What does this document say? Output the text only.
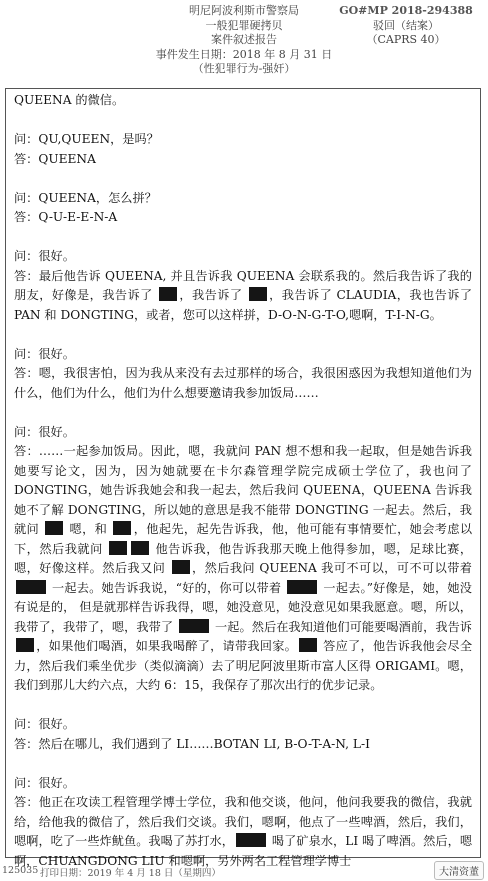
明尼阿波利斯市警察局
一般犯罪硬拷贝
案件叙述报告
事件发生日期：2018 年 8 月 31 日
（性犯罪行为-强奸）
GO#MP 2018-294388
驳回（结案）
（CAPRS 40）

QUEENA 的微信。

问：QU,QUEEN，是吗？

答：QUEENA

问：QUEENA，怎么拼？

答：Q-U-E-E-N-A

问：很好。

答：最后他告诉 QUEENA, 并且告诉我 QUEENA 会联系我的。然后我告诉了我的朋友，好像是，我告诉了 ，我告诉了 ，我告诉了 CLAUDIA，我也告诉了 PAN 和 DONGTING，或者，您可以这样拼，D-O-N-G-T-O,嗯啊，T-I-N-G。

问：很好。

答：嗯，我很害怕，因为我从来没有去过那样的场合，我很困惑因为我想知道他们为什么，他们为什么，他们为什么想要邀请我参加饭局……

问：很好。

答：……一起参加饭局。因此，嗯，我就问 PAN 想不想和我一起取，但是她告诉我她要写论文，因为，因为她就要在卡尔森管理学院完成硕士学位了，我也问了 DONGTING，她告诉我她会和我一起去，然后我问 QUEENA，QUEENA 告诉我她不了解 DONGTING，所以她的意思是我不能带 DONGTING 一起去。然后，我就问  嗯，和 ，他起先，起先告诉我，他，他可能有事情要忙，她会考虑以下，然后我就问	他告诉我，他告诉我那天晚上他得参加，嗯，足球比赛，嗯，好像这样。然后我又问 ，然后我问 QUEENA 我可不可以，可不可以带着  一起去。她告诉我说，“好的，你可以带着	一起去。”好像是，她，她没有说是的， 但是就那样告诉我得，嗯，她没意见，她没意见如果我愿意。嗯，所以，我带了，我带了，嗯，我带了	一起。然后在我知道他们可能要喝酒前，我告诉 ，如果他们喝酒，如果我喝醉了，请带我回家。 答应了，他告诉我他会尽全力，然后我们乘坐优步（类似滴滴）去了明尼阿波里斯市富人区得 ORIGAMI。嗯，我们到那儿大约六点，大约 6：15，我保存了那次出行的优步记录。

问：很好。

答：然后在哪儿，我们遇到了 LI……BOTAN LI, B-O-T-A-N, L-I

问：很好。

答：他正在攻读工程管理学博士学位，我和他交谈，他问，他问我要我的微信，我就给，给他我的微信了，然后我们交谈。我们，嗯啊，他点了一些啤酒，然后，我们，嗯啊，吃了一些炸鱿鱼。我喝了苏打水，	喝了矿泉水，LI 喝了啤酒。然后，嗯啊，CHUANGDONG LIU 和嗯啊，另外两名工程管理学博士

125035 打印日期：2019 年 4 月 18 日（星期四）	大清资董
